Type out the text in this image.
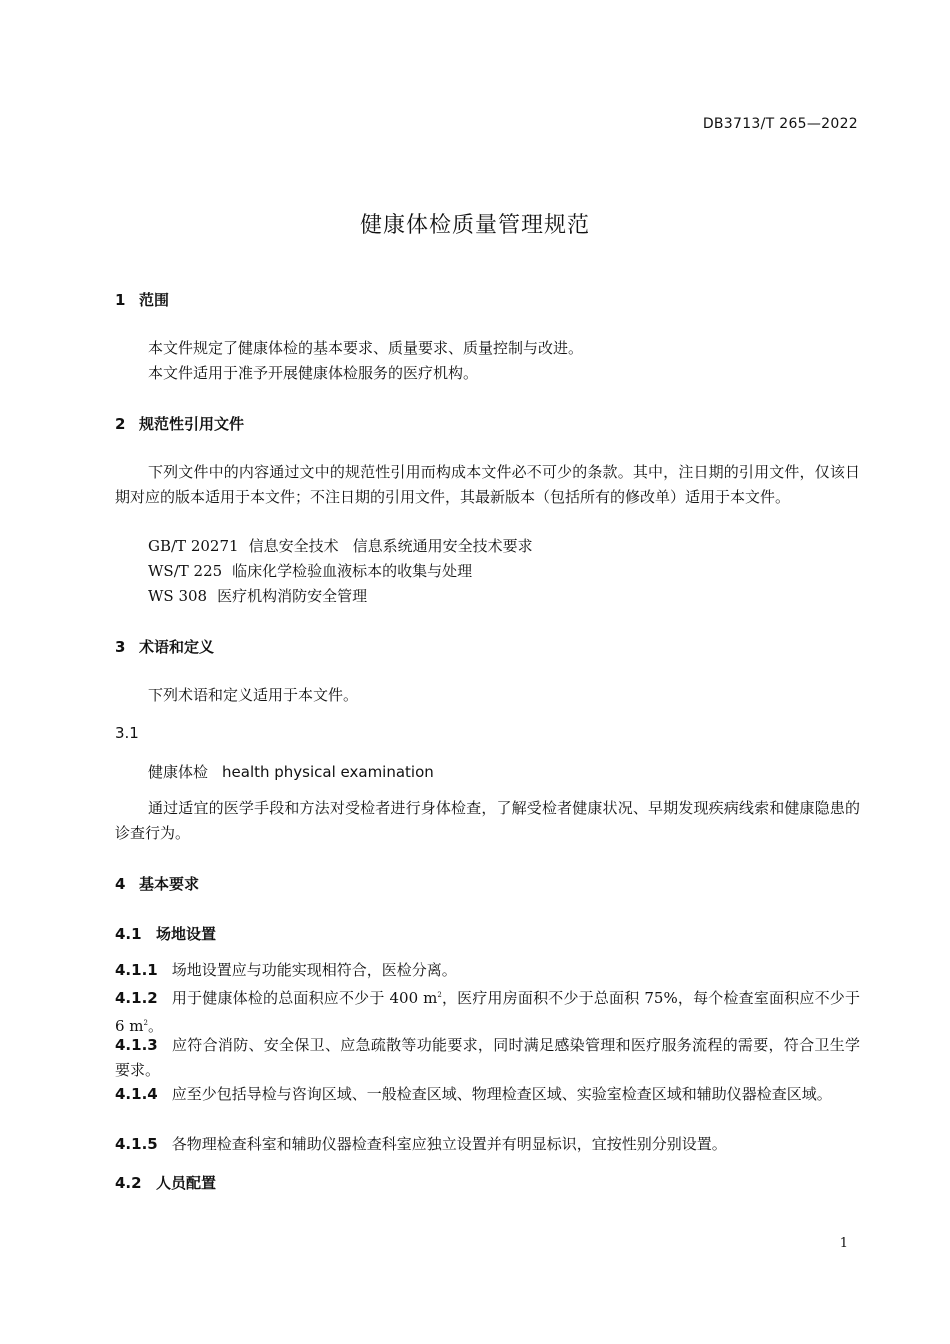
DB3713/T 265—2022
健康体检质量管理规范
1 范围
本文件规定了健康体检的基本要求、质量要求、质量控制与改进。
本文件适用于准予开展健康体检服务的医疗机构。
2 规范性引用文件
下列文件中的内容通过文中的规范性引用而构成本文件必不可少的条款。其中，注日期的引用文件，仅该日期对应的版本适用于本文件；不注日期的引用文件，其最新版本（包括所有的修改单）适用于本文件。
GB/T 20271 信息安全技术 信息系统通用安全技术要求
WS/T 225 临床化学检验血液标本的收集与处理
WS 308 医疗机构消防安全管理
3 术语和定义
下列术语和定义适用于本文件。
3.1
健康体检 health physical examination
通过适宜的医学手段和方法对受检者进行身体检查，了解受检者健康状况、早期发现疾病线索和健康隐患的诊查行为。
4 基本要求
4.1 场地设置
4.1.1 场地设置应与功能实现相符合，医检分离。
4.1.2 用于健康体检的总面积应不少于 400 $m^2$，医疗用房面积不少于总面积 75%，每个检查室面积应不少于 6 $m^2$。
4.1.3 应符合消防、安全保卫、应急疏散等功能要求，同时满足感染管理和医疗服务流程的需要，符合卫生学要求。
4.1.4 应至少包括导检与咨询区域、一般检查区域、物理检查区域、实验室检查区域和辅助仪器检查区域。
4.1.5 各物理检查科室和辅助仪器检查科室应独立设置并有明显标识，宜按性别分别设置。
4.2 人员配置
1
